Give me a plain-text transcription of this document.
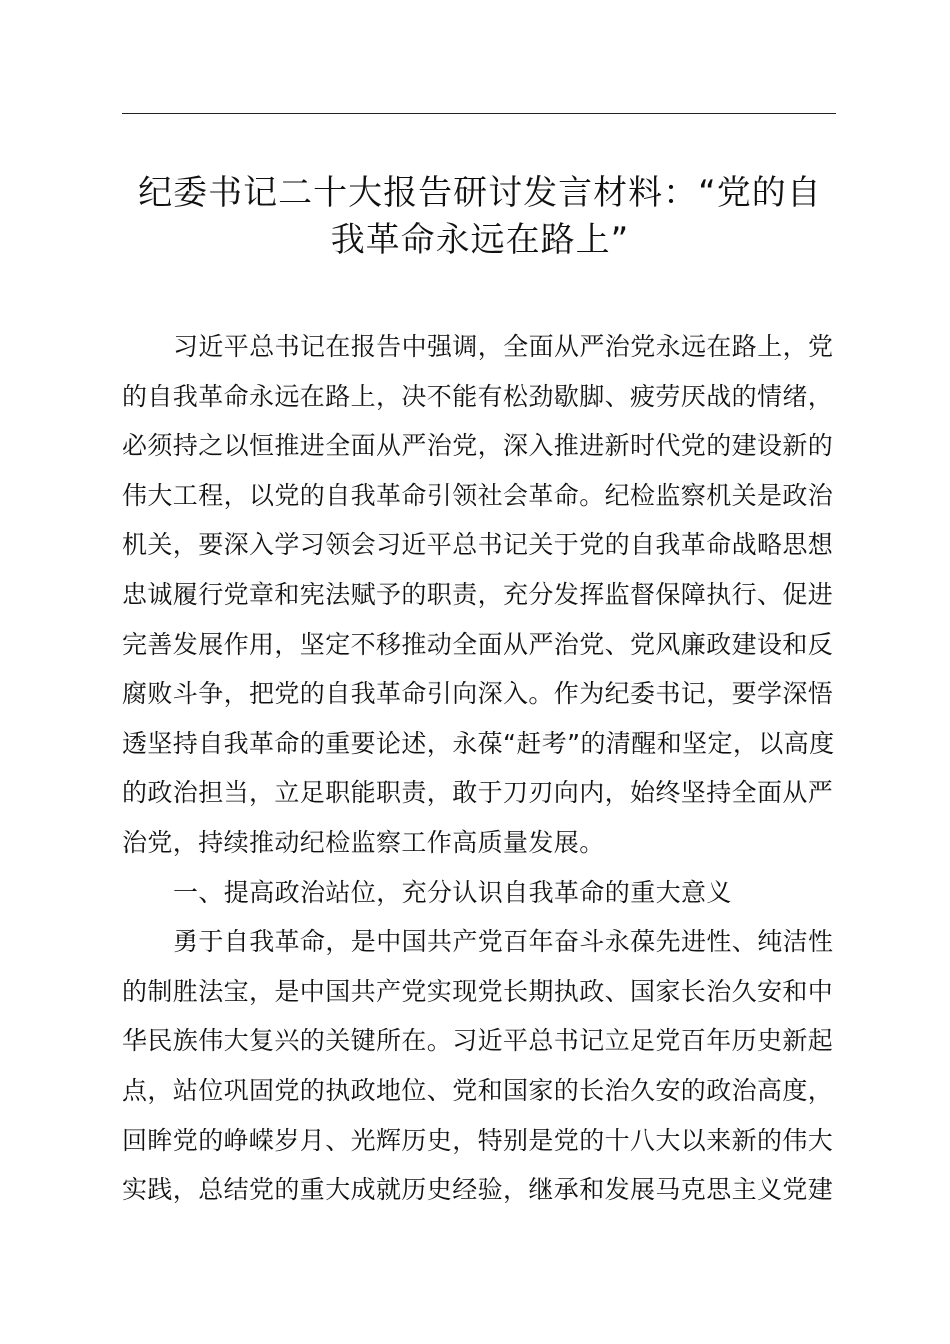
纪委书记二十大报告研讨发言材料：“党的自
我革命永远在路上”

习近平总书记在报告中强调，全面从严治党永远在路上，党
的自我革命永远在路上，决不能有松劲歇脚、疲劳厌战的情绪，
必须持之以恒推进全面从严治党，深入推进新时代党的建设新的
伟大工程，以党的自我革命引领社会革命。纪检监察机关是政治
机关，要深入学习领会习近平总书记关于党的自我革命战略思想
忠诚履行党章和宪法赋予的职责，充分发挥监督保障执行、促进
完善发展作用，坚定不移推动全面从严治党、党风廉政建设和反
腐败斗争，把党的自我革命引向深入。作为纪委书记，要学深悟
透坚持自我革命的重要论述，永葆“赶考”的清醒和坚定，以高度
的政治担当，立足职能职责，敢于刀刃向内，始终坚持全面从严
治党，持续推动纪检监察工作高质量发展。

一、提高政治站位，充分认识自我革命的重大意义

勇于自我革命，是中国共产党百年奋斗永葆先进性、纯洁性
的制胜法宝，是中国共产党实现党长期执政、国家长治久安和中
华民族伟大复兴的关键所在。习近平总书记立足党百年历史新起
点，站位巩固党的执政地位、党和国家的长治久安的政治高度，
回眸党的峥嵘岁月、光辉历史，特别是党的十八大以来新的伟大
实践，总结党的重大成就历史经验，继承和发展马克思主义党建
